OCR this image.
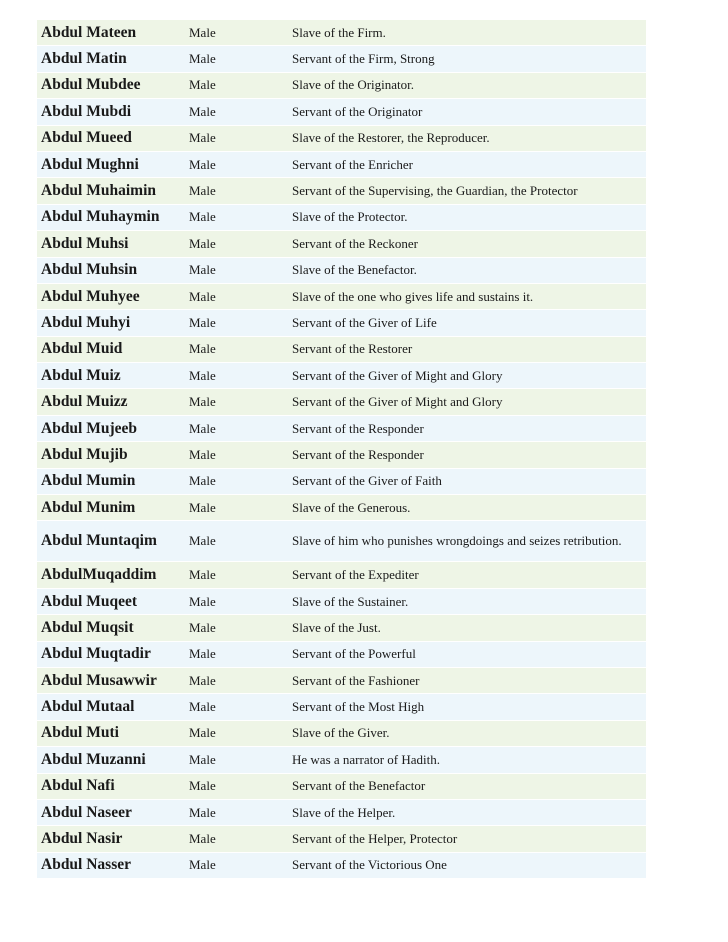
Abdul Mateen	Male	Slave of the Firm.
Abdul Matin	Male	Servant of the Firm, Strong
Abdul Mubdee	Male	Slave of the Originator.
Abdul Mubdi	Male	Servant of the Originator
Abdul Mueed	Male	Slave of the Restorer, the Reproducer.
Abdul Mughni	Male	Servant of the Enricher
Abdul Muhaimin	Male	Servant of the Supervising, the Guardian, the Protector
Abdul Muhaymin	Male	Slave of the Protector.
Abdul Muhsi	Male	Servant of the Reckoner
Abdul Muhsin	Male	Slave of the Benefactor.
Abdul Muhyee	Male	Slave of the one who gives life and sustains it.
Abdul Muhyi	Male	Servant of the Giver of Life
Abdul Muid	Male	Servant of the Restorer
Abdul Muiz	Male	Servant of the Giver of Might and Glory
Abdul Muizz	Male	Servant of the Giver of Might and Glory
Abdul Mujeeb	Male	Servant of the Responder
Abdul Mujib	Male	Servant of the Responder
Abdul Mumin	Male	Servant of the Giver of Faith
Abdul Munim	Male	Slave of the Generous.
Abdul Muntaqim	Male	Slave of him who punishes wrongdoings and seizes retribution.
AbdulMuqaddim	Male	Servant of the Expediter
Abdul Muqeet	Male	Slave of the Sustainer.
Abdul Muqsit	Male	Slave of the Just.
Abdul Muqtadir	Male	Servant of the Powerful
Abdul Musawwir	Male	Servant of the Fashioner
Abdul Mutaal	Male	Servant of the Most High
Abdul Muti	Male	Slave of the Giver.
Abdul Muzanni	Male	He was a narrator of Hadith.
Abdul Nafi	Male	Servant of the Benefactor
Abdul Naseer	Male	Slave of the Helper.
Abdul Nasir	Male	Servant of the Helper, Protector
Abdul Nasser	Male	Servant of the Victorious One
